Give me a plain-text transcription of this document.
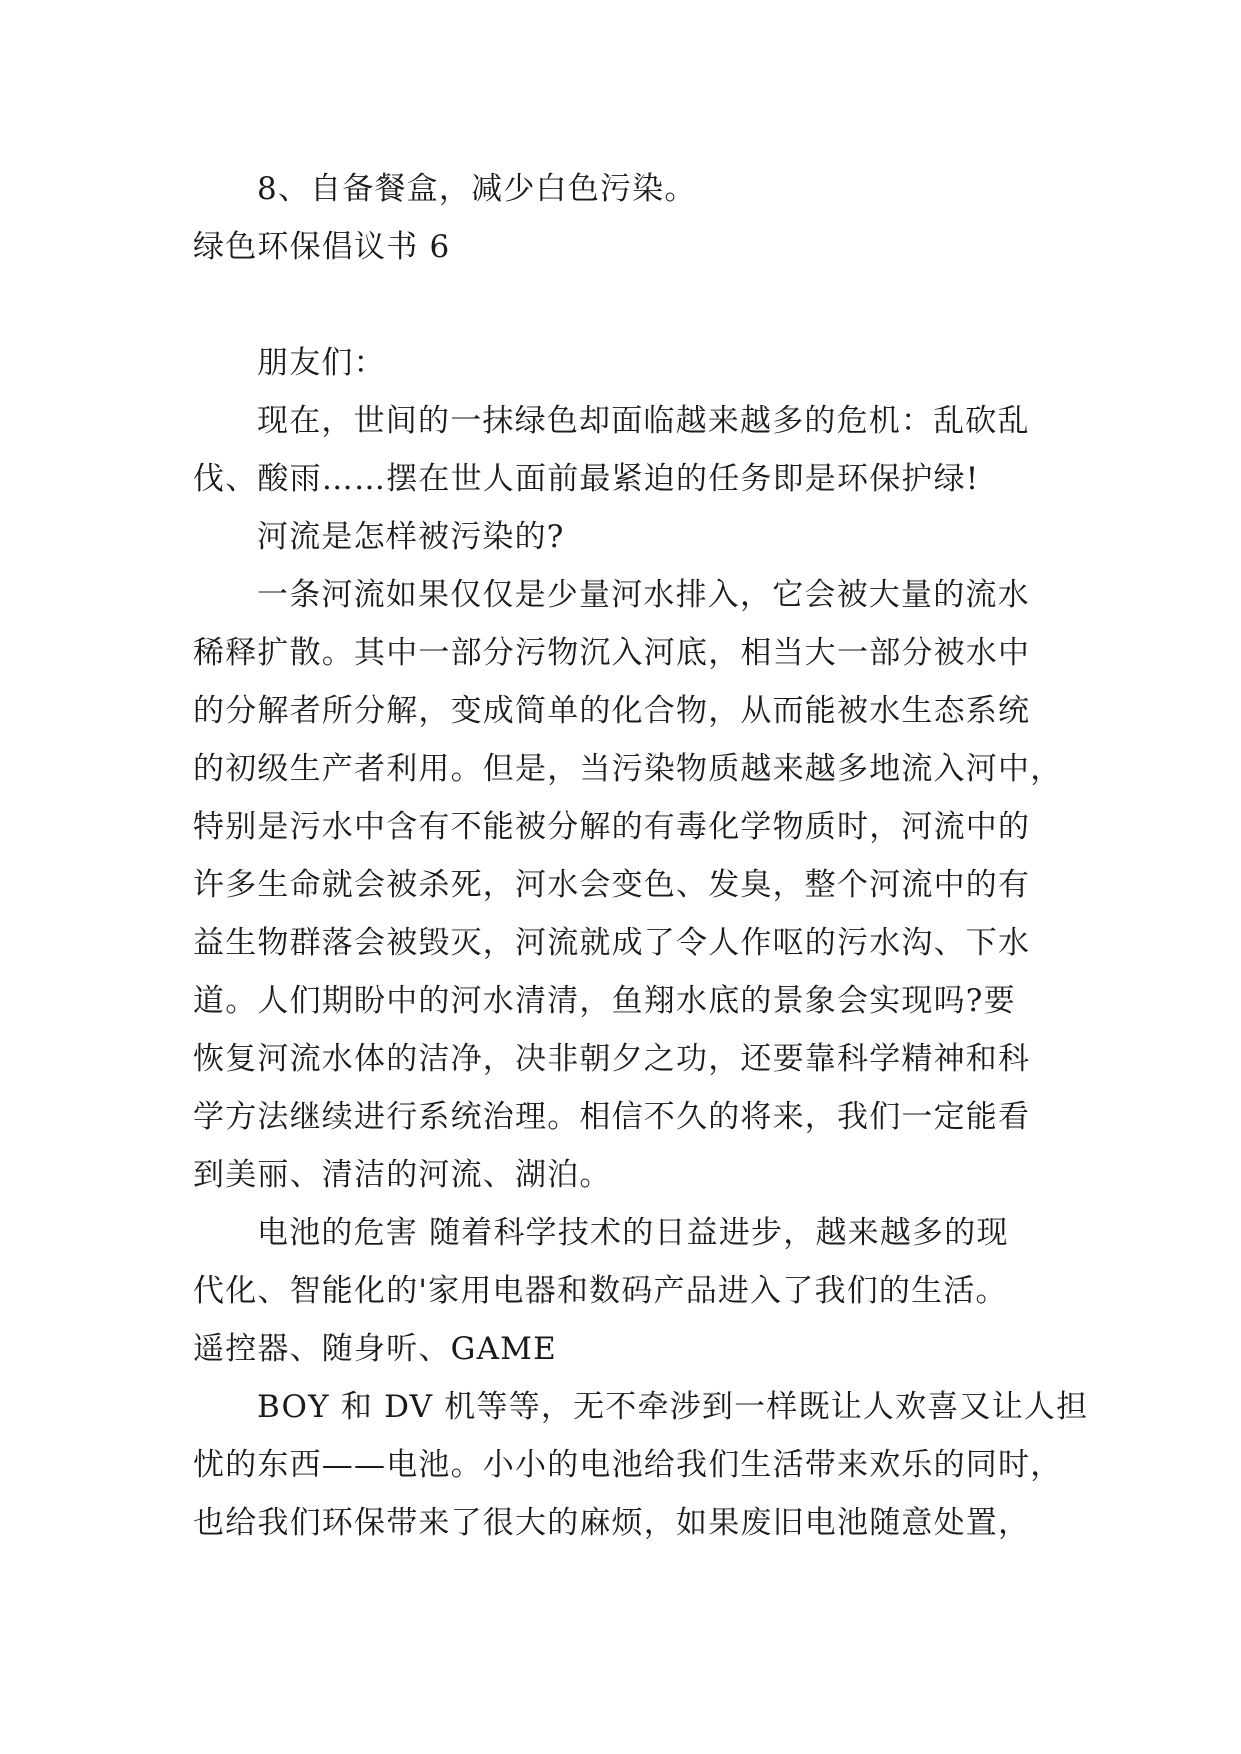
8、自备餐盒，减少白色污染。
绿色环保倡议书 6
朋友们：
现在，世间的一抹绿色却面临越来越多的危机：乱砍乱
伐、酸雨……摆在世人面前最紧迫的任务即是环保护绿!
河流是怎样被污染的?
一条河流如果仅仅是少量河水排入，它会被大量的流水
稀释扩散。其中一部分污物沉入河底，相当大一部分被水中
的分解者所分解，变成简单的化合物，从而能被水生态系统
的初级生产者利用。但是，当污染物质越来越多地流入河中，
特别是污水中含有不能被分解的有毒化学物质时，河流中的
许多生命就会被杀死，河水会变色、发臭，整个河流中的有
益生物群落会被毁灭，河流就成了令人作呕的污水沟、下水
道。人们期盼中的河水清清，鱼翔水底的景象会实现吗?要
恢复河流水体的洁净，决非朝夕之功，还要靠科学精神和科
学方法继续进行系统治理。相信不久的将来，我们一定能看
到美丽、清洁的河流、湖泊。
电池的危害 随着科学技术的日益进步，越来越多的现
代化、智能化的'家用电器和数码产品进入了我们的生活。
遥控器、随身听、GAME
BOY 和 DV 机等等，无不牵涉到一样既让人欢喜又让人担
忧的东西——电池。小小的电池给我们生活带来欢乐的同时，
也给我们环保带来了很大的麻烦，如果废旧电池随意处置，
